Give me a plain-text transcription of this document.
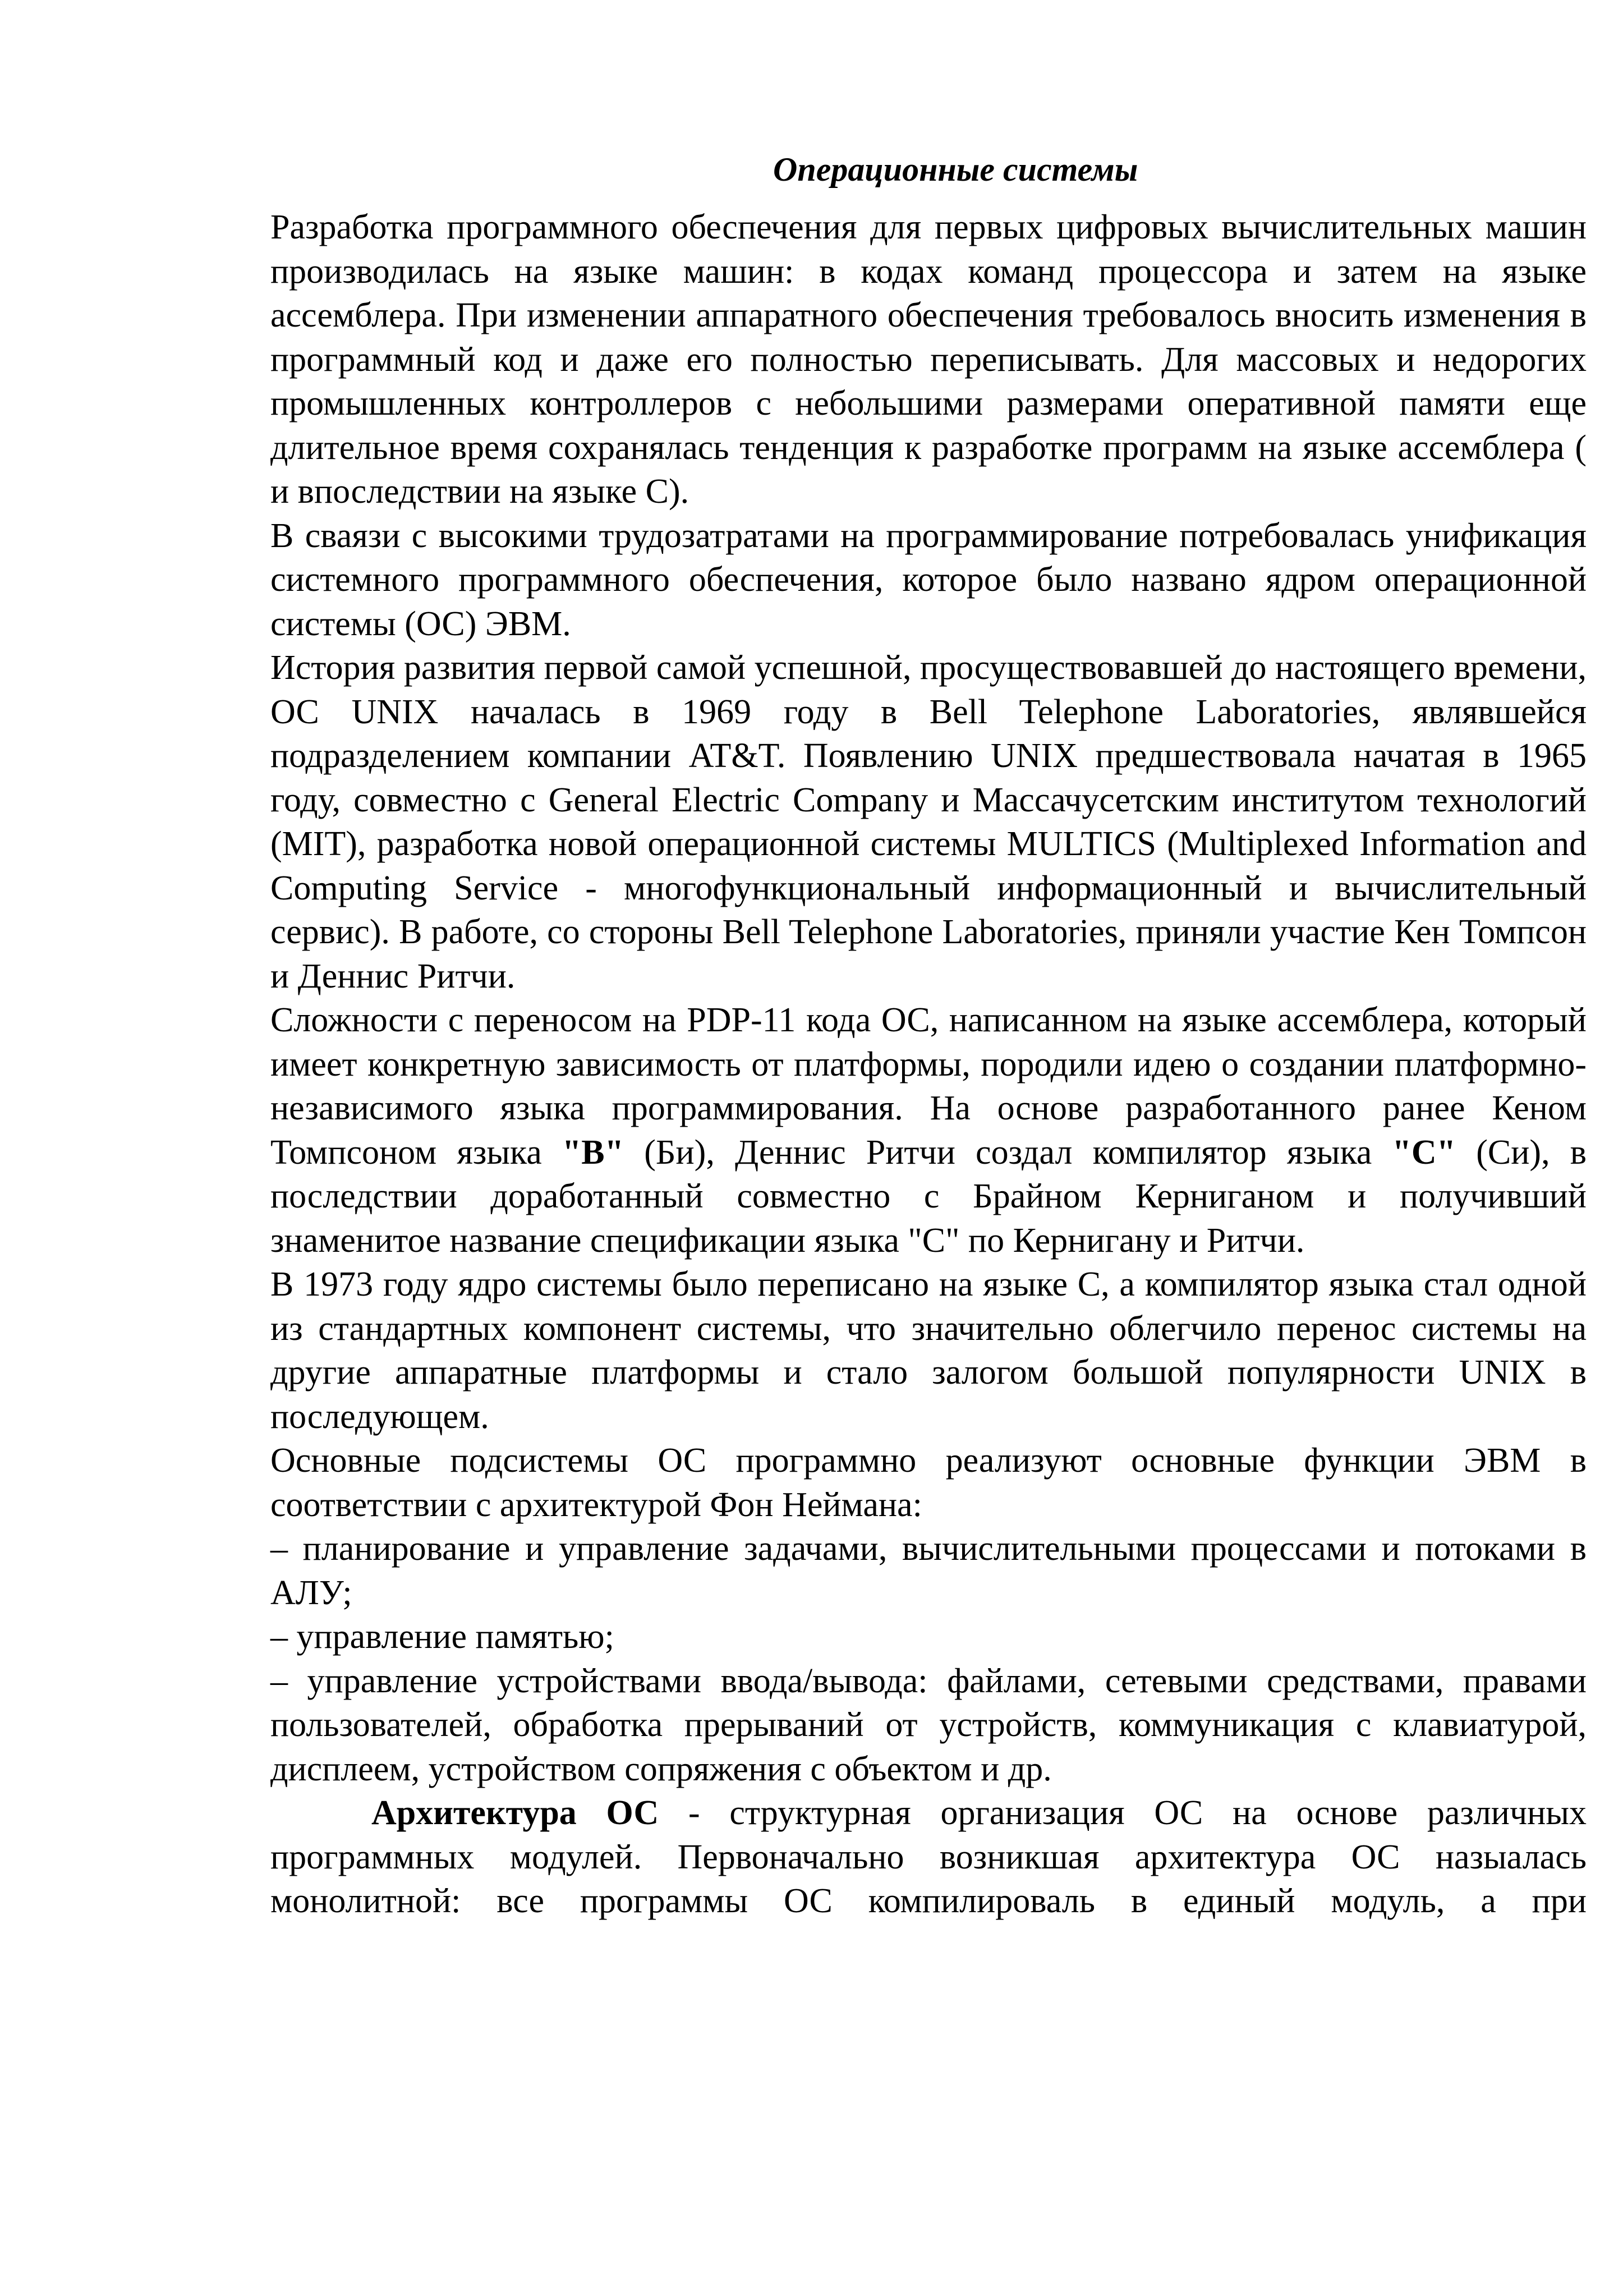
Операционные системы

Разработка программного обеспечения для первых цифровых вычислительных машин производилась на языке машин: в кодах команд процессора и затем на языке ассемблера. При изменении аппаратного обеспечения требовалось вносить изменения в программный код и даже его полностью переписывать. Для массовых и недорогих промышленных контроллеров с небольшими размерами оперативной памяти еще длительное время сохранялась тенденция к разработке программ на языке ассемблера ( и впоследствии на языке С).

В сваязи с высокими трудозатратами на программирование потребовалась унификация системного программного обеспечения, которое было названо ядром операционной системы (ОС) ЭВМ.

История развития первой самой успешной, просуществовавшей до настоящего времени, ОС UNIX началась в 1969 году в Bell Telephone Laboratories, являвшейся подразделением компании AT&T. Появлению UNIX предшествовала начатая в 1965 году, совместно с General Electric Company и Массачусетским институтом технологий (MIT), разработка новой операционной системы MULTICS (Multiplexed Information and Computing Service - многофункциональный информационный и вычислительный сервис). В работе, со стороны Bell Telephone Laboratories, приняли участие Кен Томпсон и Деннис Ритчи.

Сложности с переносом на PDP-11 кода ОС, написанном на языке ассемблера, который имеет конкретную зависимость от платформы, породили идею о создании платформно-независимого языка программирования. На основе разработанного ранее Кеном Томпсоном языка "B" (Би), Деннис Ритчи создал компилятор языка "C" (Си), в последствии доработанный совместно с Брайном Керниганом и получивший знаменитое название спецификации языка "C" по Кернигану и Ритчи.

В 1973 году ядро системы было переписано на языке C, а компилятор языка стал одной из стандартных компонент системы, что значительно облегчило перенос системы на другие аппаратные платформы и стало залогом большой популярности UNIX в последующем.

Основные подсистемы ОС программно реализуют основные функции ЭВМ в соответствии с архитектурой Фон Неймана:

– планирование и управление задачами, вычислительными процессами и потоками в АЛУ;

– управление памятью;

– управление устройствами ввода/вывода: файлами, сетевыми средствами, правами пользователей, обработка прерываний от устройств, коммуникация с клавиатурой, дисплеем, устройством сопряжения с объектом и др.

Архитектура ОС - структурная организация ОС на основе различных программных модулей. Первоначально возникшая архитектура ОС назыалась монолитной: все программы ОС компилироваль в единый модуль, а при
